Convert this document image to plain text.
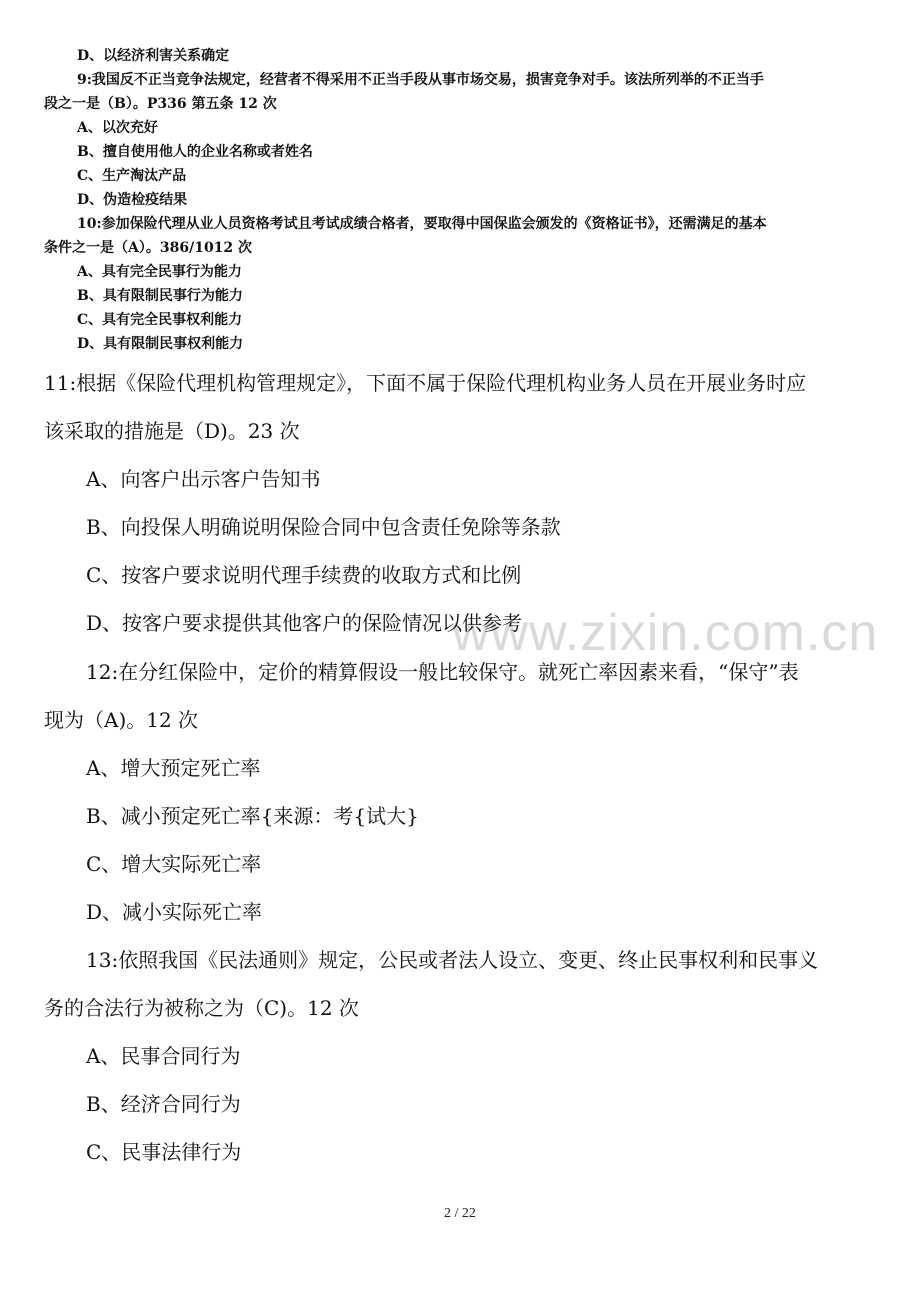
www.zixin.com.cn
D、以经济利害关系确定
9:我国反不正当竞争法规定，经营者不得采用不正当手段从事市场交易，损害竞争对手。该法所列举的不正当手
段之一是（B）。P336 第五条 12 次
A、以次充好
B、擅自使用他人的企业名称或者姓名
C、生产淘汰产品
D、伪造检疫结果
10:参加保险代理从业人员资格考试且考试成绩合格者，要取得中国保监会颁发的《资格证书》，还需满足的基本
条件之一是（A）。386/1012 次
A、具有完全民事行为能力
B、具有限制民事行为能力
C、具有完全民事权利能力
D、具有限制民事权利能力
11:根据《保险代理机构管理规定》，下面不属于保险代理机构业务人员在开展业务时应
该采取的措施是（D)。23 次
A、向客户出示客户告知书
B、向投保人明确说明保险合同中包含责任免除等条款
C、按客户要求说明代理手续费的收取方式和比例
D、按客户要求提供其他客户的保险情况以供参考
12:在分红保险中，定价的精算假设一般比较保守。就死亡率因素来看，“保守”表
现为（A)。12 次
A、增大预定死亡率
B、减小预定死亡率{来源：考{试大}
C、增大实际死亡率
D、减小实际死亡率
13:依照我国《民法通则》规定，公民或者法人设立、变更、终止民事权利和民事义
务的合法行为被称之为（C)。12 次
A、民事合同行为
B、经济合同行为
C、民事法律行为
2 / 22
